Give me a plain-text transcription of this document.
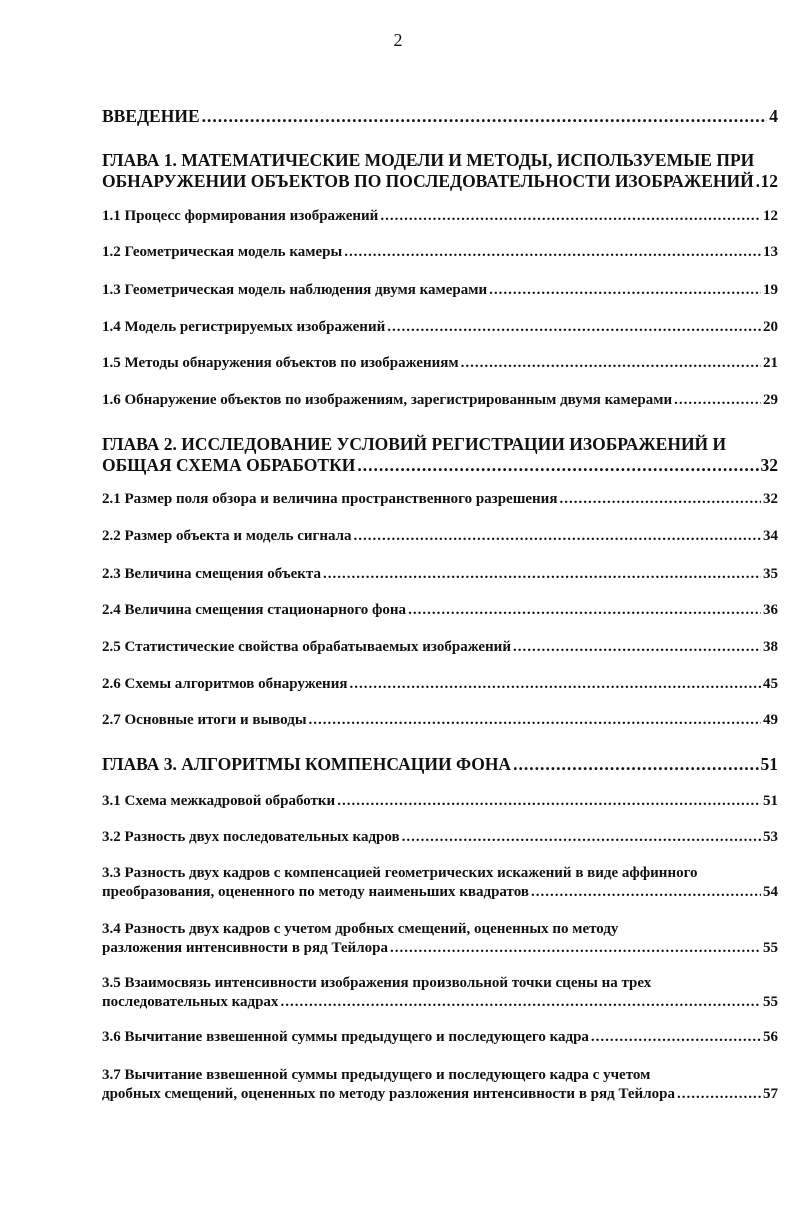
2
ВВЕДЕНИЕ .....	4
ГЛАВА 1. МАТЕМАТИЧЕСКИЕ МОДЕЛИ И МЕТОДЫ, ИСПОЛЬЗУЕМЫЕ ПРИ
ОБНАРУЖЕНИИ ОБЪЕКТОВ ПО ПОСЛЕДОВАТЕЛЬНОСТИ ИЗОБРАЖЕНИЙ ..... 12
1.1 Процесс формирования изображений .....	12
1.2 Геометрическая модель камеры .....	13
1.3 Геометрическая модель наблюдения двумя камерами .....	19
1.4 Модель регистрируемых изображений .....	20
1.5 Методы обнаружения объектов по изображениям .....	21
1.6 Обнаружение объектов по изображениям, зарегистрированным двумя камерами .....	29
ГЛАВА 2. ИССЛЕДОВАНИЕ УСЛОВИЙ РЕГИСТРАЦИИ ИЗОБРАЖЕНИЙ И
ОБЩАЯ СХЕМА ОБРАБОТКИ .....	32
2.1 Размер поля обзора и величина пространственного разрешения .....	32
2.2 Размер объекта и модель сигнала .....	34
2.3 Величина смещения объекта .....	35
2.4 Величина смещения стационарного фона .....	36
2.5 Статистические свойства обрабатываемых изображений .....	38
2.6 Схемы алгоритмов обнаружения .....	45
2.7 Основные итоги и выводы .....	49
ГЛАВА 3. АЛГОРИТМЫ КОМПЕНСАЦИИ ФОНА .....	51
3.1 Схема межкадровой обработки .....	51
3.2 Разность двух последовательных кадров .....	53
3.3 Разность двух кадров с компенсацией геометрических искажений в виде аффинного
преобразования, оцененного по методу наименьших квадратов .....	54
3.4 Разность двух кадров с учетом дробных смещений, оцененных по методу
разложения интенсивности в ряд Тейлора .....	55
3.5 Взаимосвязь интенсивности изображения произвольной точки сцены на трех
последовательных кадрах .....	55
3.6 Вычитание взвешенной суммы предыдущего и последующего кадра .....	56
3.7 Вычитание взвешенной суммы предыдущего и последующего кадра с учетом
дробных смещений, оцененных по методу разложения интенсивности в ряд Тейлора .....	57
